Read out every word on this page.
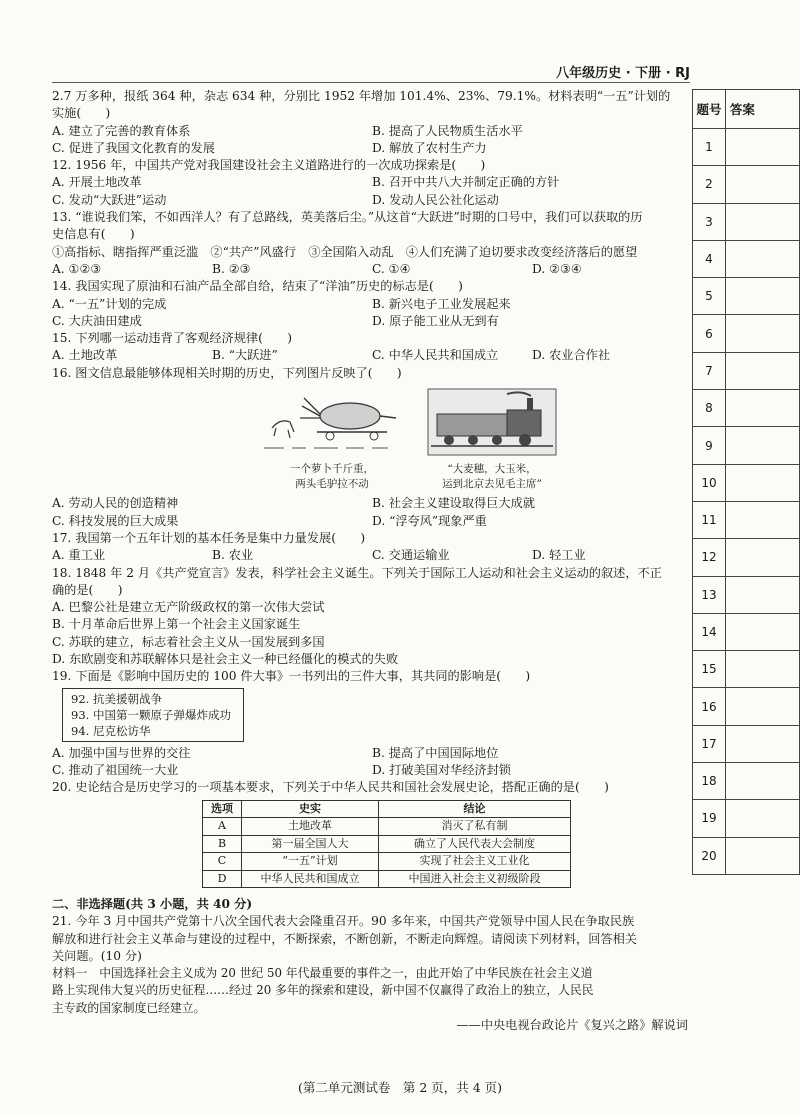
八年级历史 · 下册 · RJ
2.7 万多种，报纸 364 种，杂志 634 种，分别比 1952 年增加 101.4%、23%、79.1%。材料表明“一五”计划的
实施(　　)
A. 建立了完善的教育体系	B. 提高了人民物质生活水平
C. 促进了我国文化教育的发展	D. 解放了农村生产力
12. 1956 年，中国共产党对我国建设社会主义道路进行的一次成功探索是(　　)
A. 开展土地改革	B. 召开中共八大并制定正确的方针
C. 发动“大跃进”运动	D. 发动人民公社化运动
13. “谁说我们笨，不如西洋人？有了总路线，英美落后尘。”从这首“大跃进”时期的口号中，我们可以获取的历
史信息有(　　)
①高指标、瞎指挥严重泛滥　②“共产”风盛行　③全国陷入动乱　④人们充满了迫切要求改变经济落后的愿望
A. ①②③	B. ②③	C. ①④	D. ②③④
14. 我国实现了原油和石油产品全部自给，结束了“洋油”历史的标志是(　　)
A. “一五”计划的完成	B. 新兴电子工业发展起来
C. 大庆油田建成	D. 原子能工业从无到有
15. 下列哪一运动违背了客观经济规律(　　)
A. 土地改革	B. “大跃进”	C. 中华人民共和国成立	D. 农业合作社
16. 图文信息最能够体现相关时期的历史，下列图片反映了(　　)
一个萝卜千斤重，
两头毛驴拉不动
“大麦穗，大玉米，
运到北京去见毛主席”
A. 劳动人民的创造精神	B. 社会主义建设取得巨大成就
C. 科技发展的巨大成果	D. “浮夸风”现象严重
17. 我国第一个五年计划的基本任务是集中力量发展(　　)
A. 重工业	B. 农业	C. 交通运输业	D. 轻工业
18. 1848 年 2 月《共产党宣言》发表，科学社会主义诞生。下列关于国际工人运动和社会主义运动的叙述，不正
确的是(　　)
A. 巴黎公社是建立无产阶级政权的第一次伟大尝试
B. 十月革命后世界上第一个社会主义国家诞生
C. 苏联的建立，标志着社会主义从一国发展到多国
D. 东欧剧变和苏联解体只是社会主义一种已经僵化的模式的失败
19. 下面是《影响中国历史的 100 件大事》一书列出的三件大事，其共同的影响是(　　)
92. 抗美援朝战争
93. 中国第一颗原子弹爆炸成功
94. 尼克松访华
A. 加强中国与世界的交往	B. 提高了中国国际地位
C. 推动了祖国统一大业	D. 打破美国对华经济封锁
20. 史论结合是历史学习的一项基本要求，下列关于中华人民共和国社会发展史论，搭配正确的是(　　)
选项	史实	结论
A	土地改革	消灭了私有制
B	第一届全国人大	确立了人民代表大会制度
C	“一五”计划	实现了社会主义工业化
D	中华人民共和国成立	中国进入社会主义初级阶段
二、非选择题(共 3 小题，共 40 分)
21. 今年 3 月中国共产党第十八次全国代表大会隆重召开。90 多年来，中国共产党领导中国人民在争取民族
解放和进行社会主义革命与建设的过程中，不断探索，不断创新，不断走向辉煌。请阅读下列材料，回答相关
关问题。(10 分)
材料一　中国选择社会主义成为 20 世纪 50 年代最重要的事件之一，由此开始了中华民族在社会主义道
路上实现伟大复兴的历史征程……经过 20 多年的探索和建设，新中国不仅赢得了政治上的独立，人民民
主专政的国家制度已经建立。
——中央电视台政论片《复兴之路》解说词
题号	答案
1	
2	
3	
4	
5	
6	
7	
8	
9	
10	
11	
12	
13	
14	
15	
16	
17	
18	
19	
20	
(第二单元测试卷　第 2 页，共 4 页)
